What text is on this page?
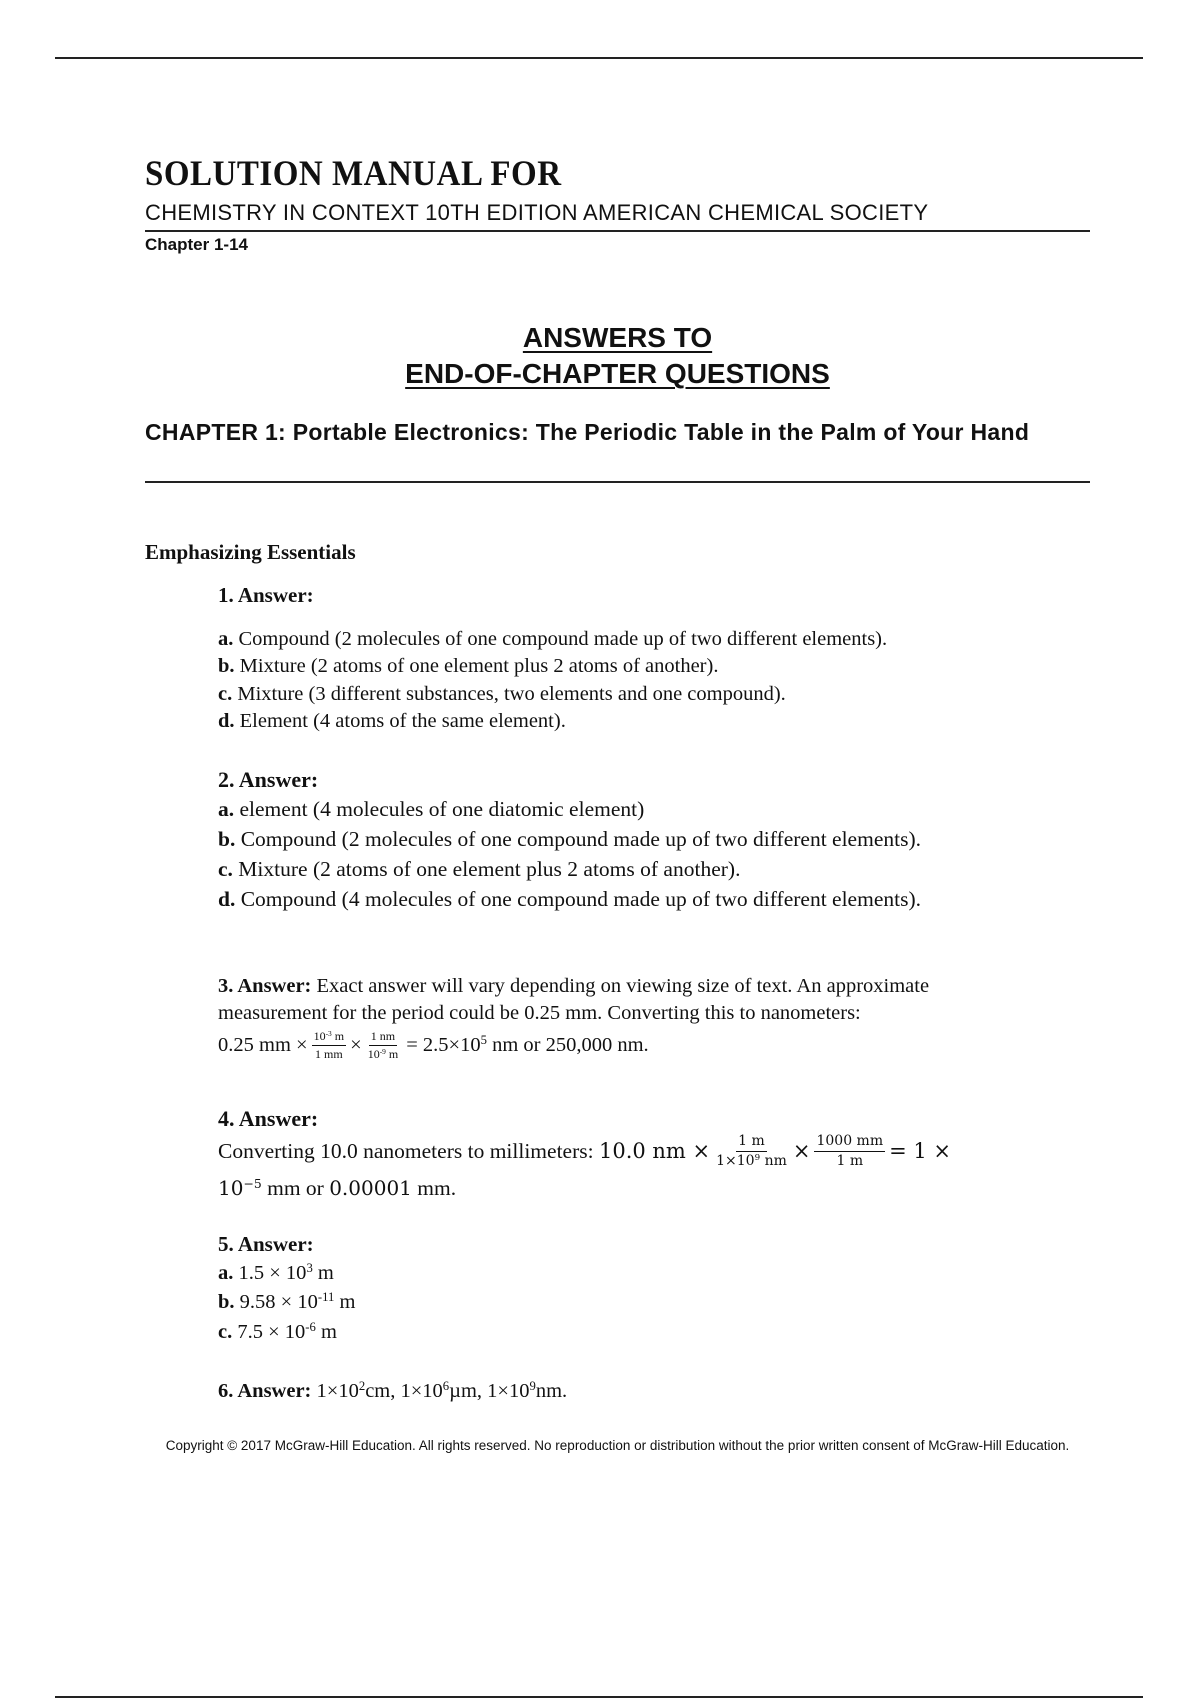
SOLUTION MANUAL FOR
CHEMISTRY IN CONTEXT 10TH EDITION AMERICAN CHEMICAL SOCIETY
Chapter 1-14
ANSWERS TO
END-OF-CHAPTER QUESTIONS
CHAPTER 1: Portable Electronics: The Periodic Table in the Palm of Your Hand
Emphasizing Essentials
1. Answer:
a. Compound (2 molecules of one compound made up of two different elements).
b. Mixture (2 atoms of one element plus 2 atoms of another).
c. Mixture (3 different substances, two elements and one compound).
d. Element (4 atoms of the same element).
2. Answer:
a. element (4 molecules of one diatomic element)
b. Compound (2 molecules of one compound made up of two different elements).
c. Mixture (2 atoms of one element plus 2 atoms of another).
d. Compound (4 molecules of one compound made up of two different elements).
3. Answer: Exact answer will vary depending on viewing size of text. An approximate
measurement for the period could be 0.25 mm. Converting this to nanometers:
0.25 mm × $\frac{10^{-3} m}{1 mm} \times \frac{1 nm}{10^{-9} m} = 2.5\times 10^5$ nm or 250,000 nm.
4. Answer:
Converting 10.0 nanometers to millimeters:
10.0 nm × $\frac{1 m}{1\times 10^9 nm} \times \frac{1000 mm}{1 m} = 1$ ×
$10^{-5}$ mm or 0.00001 mm.
5. Answer:
a. $1.5 \times 10^3$ m
b. $9.58 \times 10^{-11}$ m
c. $7.5 \times 10^{-6}$ m
6. Answer: $1\times 10^2cm$, $1\times 10^6\mu m$, $1\times 10^9nm$.
Copyright © 2017 McGraw-Hill Education. All rights reserved. No reproduction or distribution without the prior written consent of McGraw-Hill Education.
